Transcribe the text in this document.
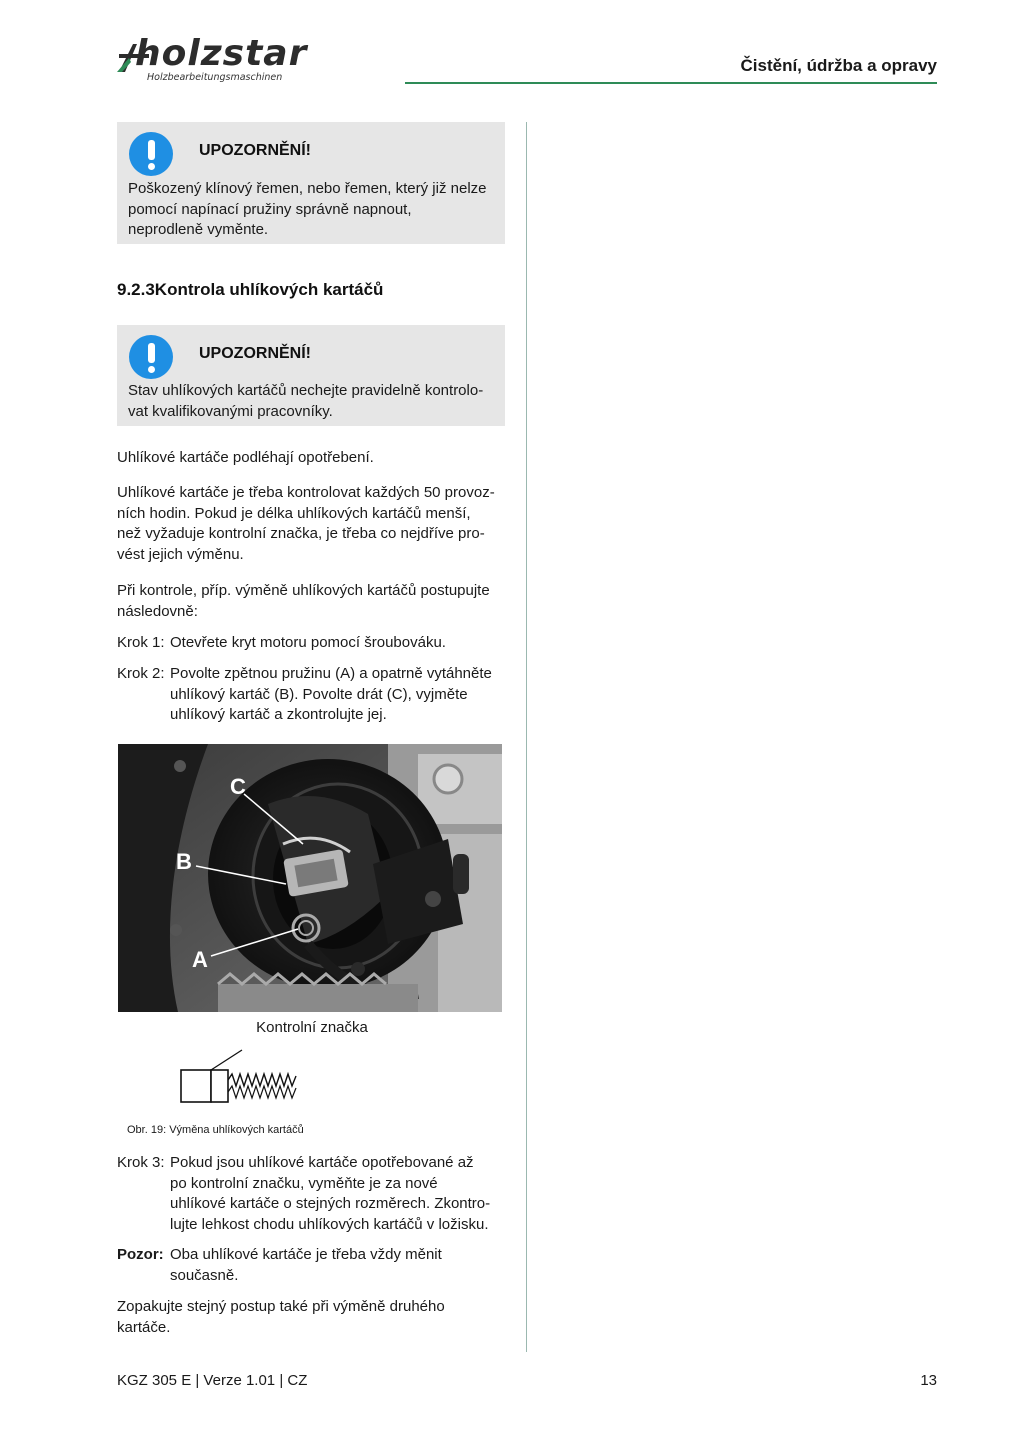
holzstar
Holzbearbeitungsmaschinen
Čistění, údržba a opravy
UPOZORNĚNÍ!
Poškozený klínový řemen, nebo řemen, který již nelze
pomocí napínací pružiny správně napnout,
neprodleně vyměnte.
9.2.3Kontrola uhlíkových kartáčů
UPOZORNĚNÍ!
Stav uhlíkových kartáčů nechejte pravidelně kontrolo-
vat kvalifikovanými pracovníky.
Uhlíkové kartáče podléhají opotřebení.
Uhlíkové kartáče je třeba kontrolovat každých 50 provoz-
ních hodin. Pokud je délka uhlíkových kartáčů menší,
než vyžaduje kontrolní značka, je třeba co nejdříve pro-
vést jejich výměnu.
Při kontrole, příp. výměně uhlíkových kartáčů postupujte
následovně:
Krok 1: Otevřete kryt motoru pomocí šroubováku.
Krok 2: Povolte zpětnou pružinu (A) a opatrně vytáhněte
uhlíkový kartáč (B). Povolte drát (C), vyjměte
uhlíkový kartáč a zkontrolujte jej.
C
B
A
Kontrolní značka
Obr. 19: Výměna uhlíkových kartáčů
Krok 3: Pokud jsou uhlíkové kartáče opotřebované až
po kontrolní značku, vyměňte je za nové
uhlíkové kartáče o stejných rozměrech. Zkontro-
lujte lehkost chodu uhlíkových kartáčů v ložisku.
Pozor: Oba uhlíkové kartáče je třeba vždy měnit
současně.
Zopakujte stejný postup také při výměně druhého
kartáče.
KGZ 305 E | Verze 1.01 | CZ	13
